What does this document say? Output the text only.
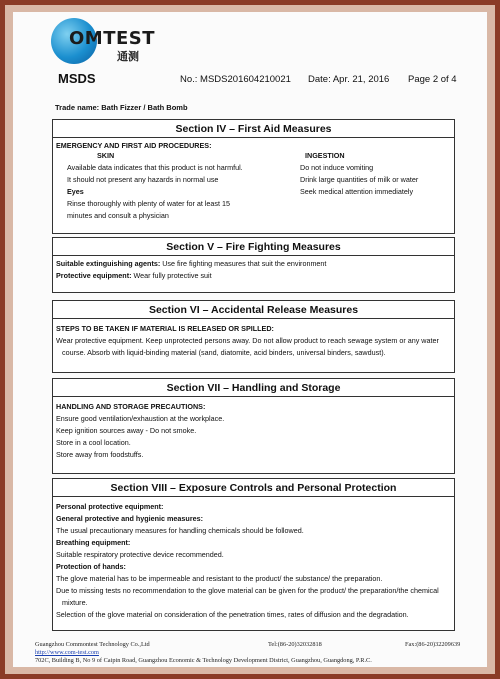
OMTEST
通测
MSDS	No.: MSDS201604210021 Date: Apr. 21, 2016 Page 2 of 4
Trade name: Bath Fizzer / Bath Bomb
Section IV – First Aid Measures
EMERGENCY AND FIRST AID PROCEDURES:
SKIN
Available data indicates that this product is not harmful.
It should not present any hazards in normal use
Eyes
Rinse thoroughly with plenty of water for at least 15
minutes and consult a physician
INGESTION
Do not induce vomiting
Drink large quantities of milk or water
Seek medical attention immediately
Section V – Fire Fighting Measures
Suitable extinguishing agents: Use fire fighting measures that suit the environment
Protective equipment: Wear fully protective suit
Section VI – Accidental Release Measures
STEPS TO BE TAKEN IF MATERIAL IS RELEASED OR SPILLED:
Wear protective equipment. Keep unprotected persons away. Do not allow product to reach sewage system or any water
course. Absorb with liquid-binding material (sand, diatomite, acid binders, universal binders, sawdust).
Section VII – Handling and Storage
HANDLING AND STORAGE PRECAUTIONS:
Ensure good ventilation/exhaustion at the workplace.
Keep ignition sources away - Do not smoke.
Store in a cool location.
Store away from foodstuffs.
Section VIII – Exposure Controls and Personal Protection
Personal protective equipment:
General protective and hygienic measures:
The usual precautionary measures for handling chemicals should be followed.
Breathing equipment:
Suitable respiratory protective device recommended.
Protection of hands:
The glove material has to be impermeable and resistant to the product/ the substance/ the preparation.
Due to missing tests no recommendation to the glove material can be given for the product/ the preparation/the chemical
mixture.
Selection of the glove material on consideration of the penetration times, rates of diffusion and the degradation.
Guangzhou Commontest Technology Co.,Ltd	Tel:(86-20)32032818	Fax:(86-20)32209639
http://www.com-test.com
702C, Building B, No 9 of Caipin Road, Guangzhou Economic & Technology Development District, Guangzhou, Guangdong, P.R.C.
